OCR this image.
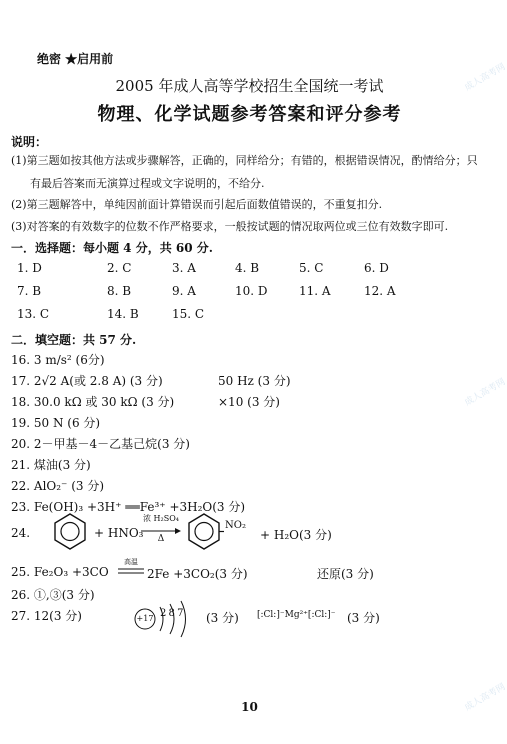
绝密 ★启用前
2005 年成人高等学校招生全国统一考试
物理、化学试题参考答案和评分参考
说明：
(1)第三题如按其他方法或步骤解答，正确的，同样给分；有错的，根据错误情况，酌情给分；只
有最后答案而无演算过程或文字说明的，不给分.
(2)第三题解答中，单纯因前面计算错误而引起后面数值错误的，不重复扣分.
(3)对答案的有效数字的位数不作严格要求，一般按试题的情况取两位或三位有效数字即可.
一．选择题：每小题 4 分，共 60 分.
1. D	2. C	3. A	4. B	5. C	6. D
7. B	8. B	9. A	10. D	11. A	12. A
13. C	14. B	15. C
二．填空题：共 57 分.
16. 3 m/s² (6分)
17. 2√2 A(或 2.8 A) (3 分)	50 Hz (3 分)
18. 30.0 kΩ 或 30 kΩ (3 分)	×10 (3 分)
19. 50 N (6 分)
20. 2－甲基－4－乙基己烷(3 分)
21. 煤油(3 分)
22. AlO₂⁻ (3 分)
23. Fe(OH)₃ +3H⁺ ══Fe³⁺ +3H₂O(3 分)
24.	+ HNO₃
浓 H₂SO₄
Δ
NO₂
+ H₂O(3 分)
25. Fe₂O₃ +3CO
高温
2Fe +3CO₂(3 分)	还原(3 分)
26. ①,③(3 分)
27. 12(3 分)	+17 2 8 7 (3 分) [:Cl:]⁻Mg²⁺[:Cl:]⁻ (3 分)
10
成人高考网
成人高考网
成人高考网
